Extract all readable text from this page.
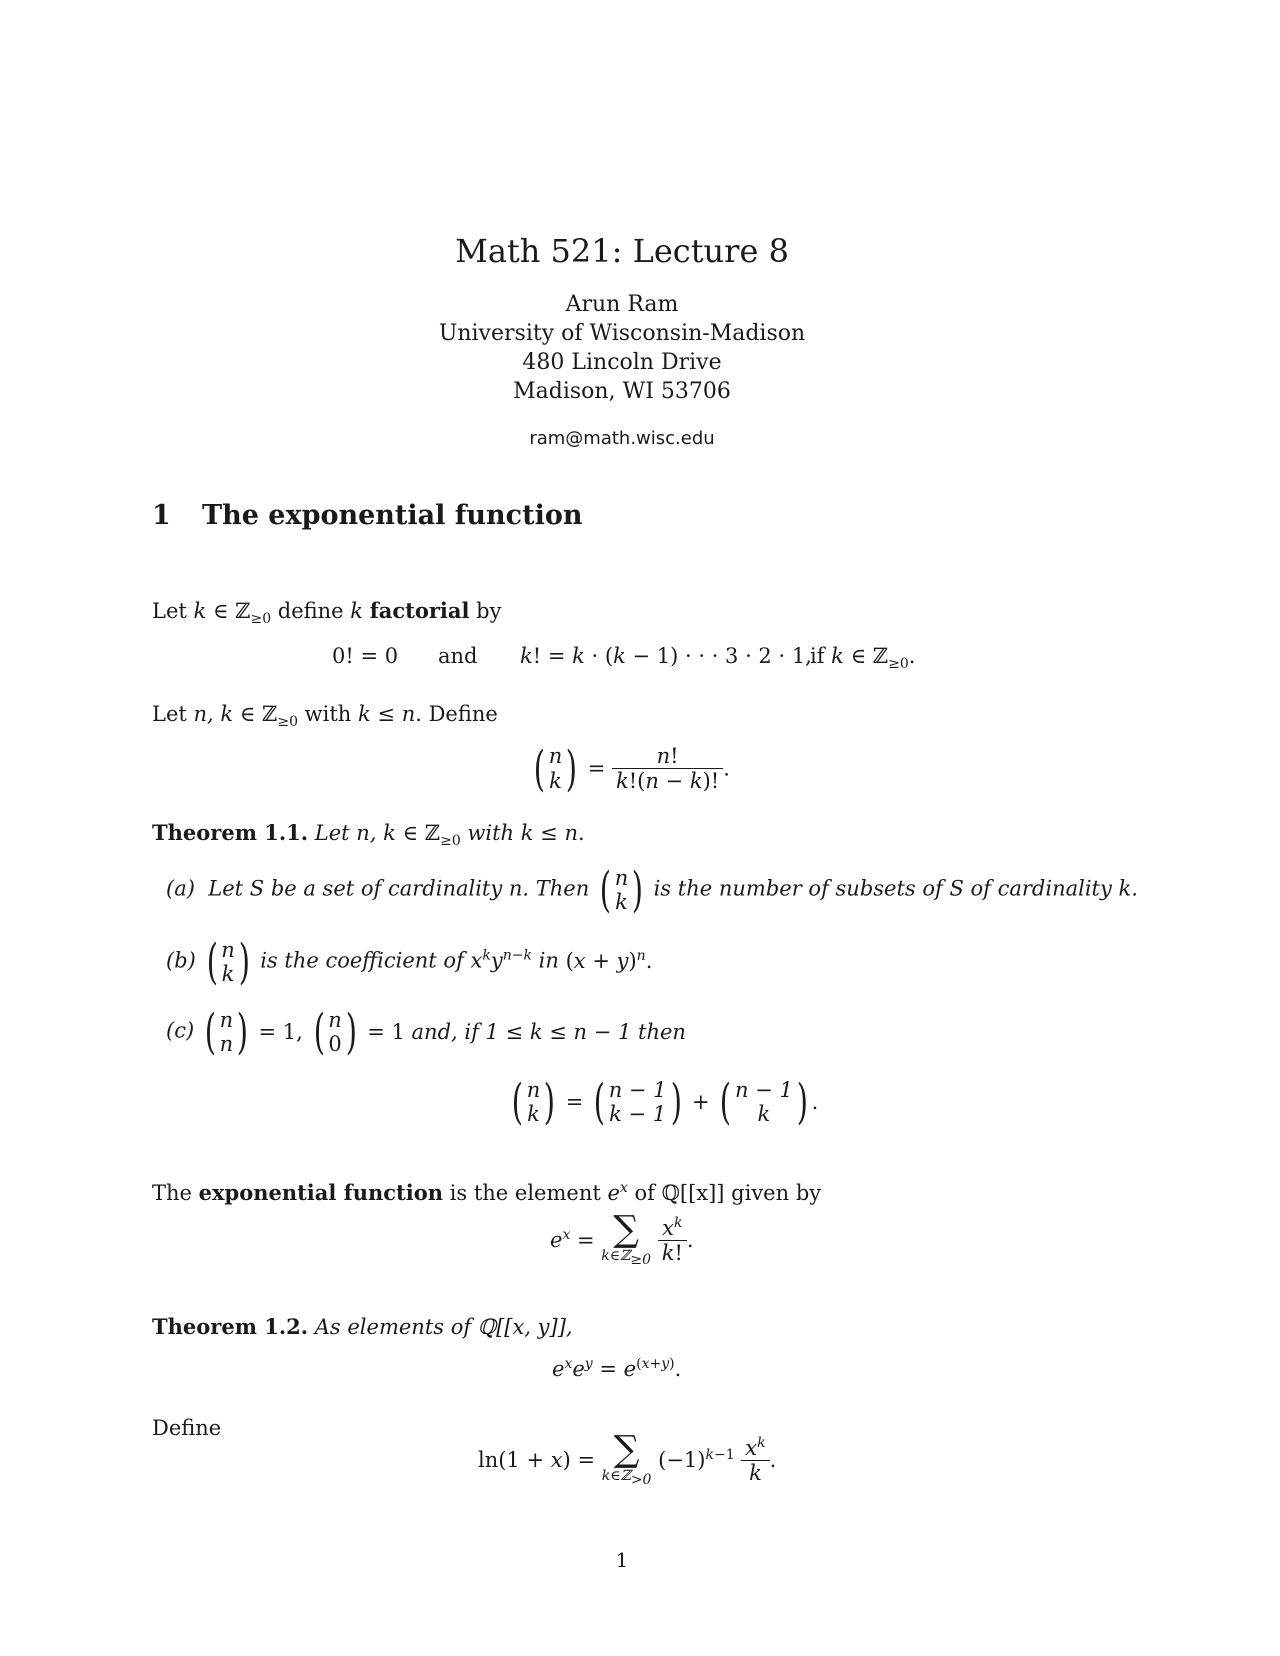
Math 521: Lecture 8
Arun Ram
University of Wisconsin-Madison
480 Lincoln Drive
Madison, WI 53706
ram@math.wisc.edu
1 The exponential function
Let k ∈ ℤ$_{\ge 0}$ define k factorial by
0! = 0 and k! = k · (k − 1) · · · 3 · 2 · 1,
if k ∈ ℤ$_{\ge 0}$.
Let n, k ∈ ℤ$_{\ge 0}$ with k ≤ n. Define
( n
$k) = \frac{n!}{k!(n - k)!}$ .
Theorem 1.1. Let n, k ∈ ℤ$_{\ge 0}$ with k ≤ n.
(a) Let S be a set of cardinality n. Then ( n
k) is the number of subsets of S of cardinality k.
(b) ( n
k) is the coefficient of $x^ky^{n-k}$ in $(x + y)^n$.
(c) ( n
n) = 1, ( n
0) = 1 and, if 1 ≤ k ≤ n − 1 then
( n
k) = ( n − 1
k − 1) + ( n − 1
k ) .
The exponential function is the element $e^x$ of ℚ[[x]] given by
$e^x$ = ∑
k∈ℤ$_{\ge 0}$
$\frac{x^k}{k!}$ .
Theorem 1.2. As elements of ℚ[[x, y]],
$e^xe^y = e^{(x+y)}$.
Define
ln(1 + x) = ∑
k∈ℤ$_{>0}$
$(-1)^{k-1} \frac{x^k}{k}$ .
1
